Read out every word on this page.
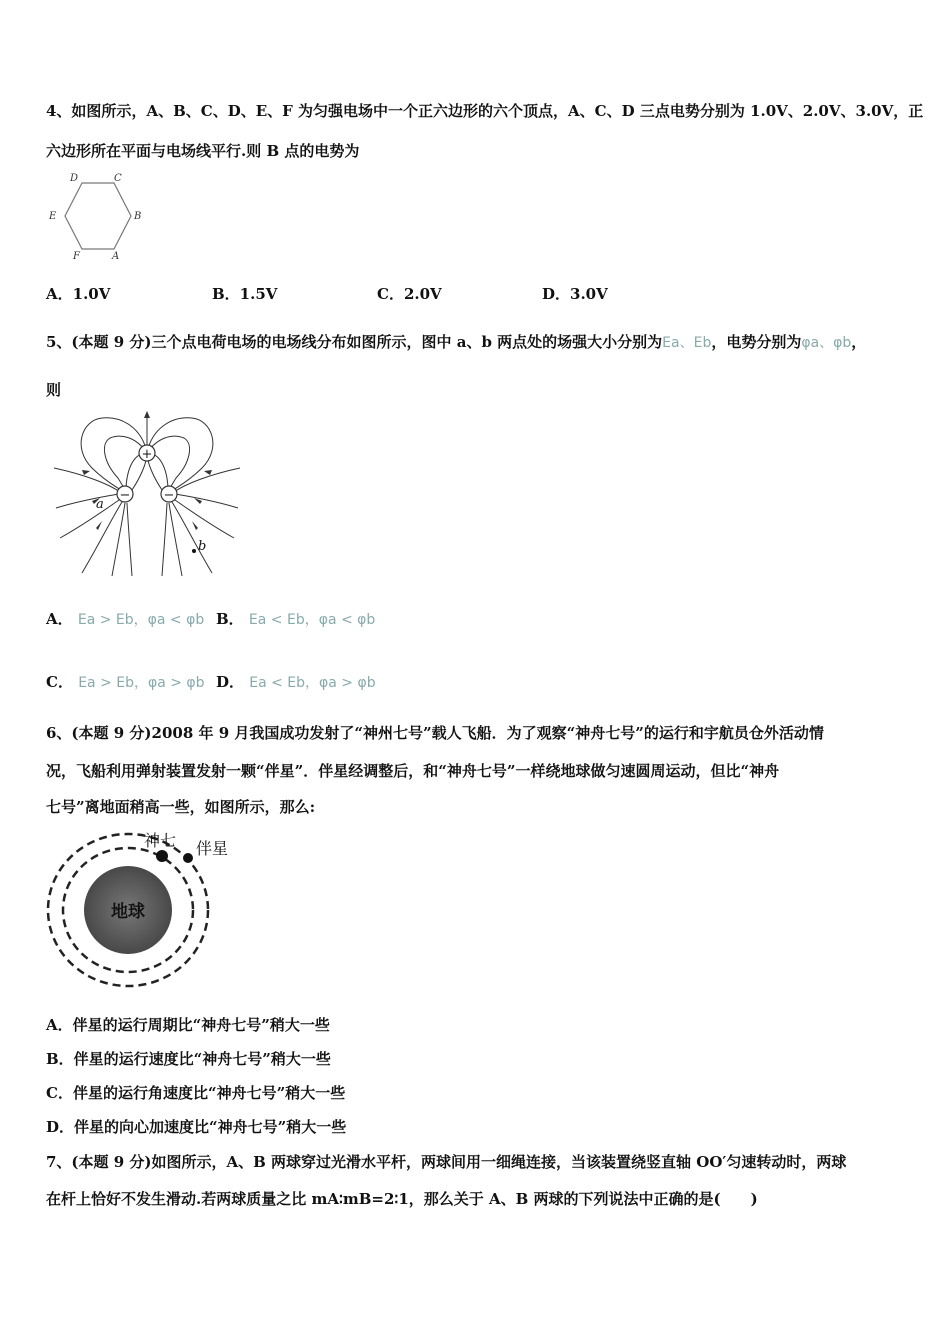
4、如图所示，A、B、C、D、E、F 为匀强电场中一个正六边形的六个顶点，A、C、D 三点电势分别为 1.0V、2.0V、3.0V，正
六边形所在平面与电场线平行.则 B 点的电势为
D	C
E	B
F	A
A．1.0V	B．1.5V	C．2.0V	D．3.0V
5、(本题 9 分)三个点电荷电场的电场线分布如图所示，图中 a、b 两点处的场强大小分别为Ea、Eb，电势分别为φa、φb，
则
+
−	−
a
b
A． Ea > Eb，φa < φb B． Ea < Eb，φa < φb
C． Ea > Eb，φa > φb D． Ea < Eb，φa > φb
6、(本题 9 分)2008 年 9 月我国成功发射了“神州七号”载人飞船．为了观察“神舟七号”的运行和宇航员仓外活动情
况，飞船利用弹射装置发射一颗“伴星”．伴星经调整后，和“神舟七号”一样绕地球做匀速圆周运动，但比“神舟
七号”离地面稍高一些，如图所示，那么:
地球
神七 伴星
A．伴星的运行周期比“神舟七号”稍大一些
B．伴星的运行速度比“神舟七号”稍大一些
C．伴星的运行角速度比“神舟七号”稍大一些
D．伴星的向心加速度比“神舟七号”稍大一些
7、(本题 9 分)如图所示，A、B 两球穿过光滑水平杆，两球间用一细绳连接，当该装置绕竖直轴 OO′匀速转动时，两球
在杆上恰好不发生滑动.若两球质量之比 mA∶mB=2∶1，那么关于 A、B 两球的下列说法中正确的是(　　)
